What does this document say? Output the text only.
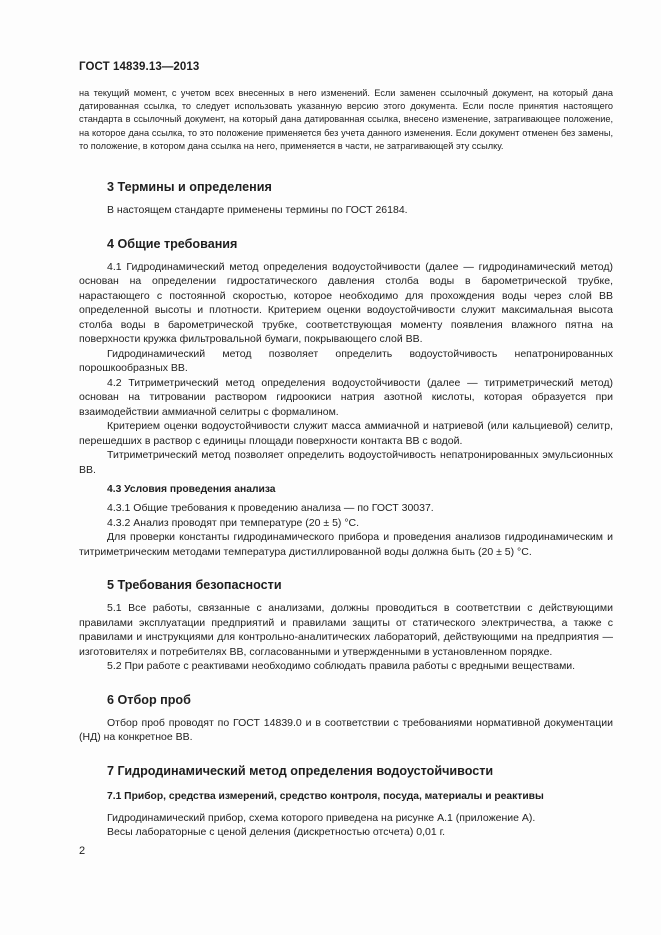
ГОСТ 14839.13—2013

на текущий момент, с учетом всех внесенных в него изменений. Если заменен ссылочный документ, на который дана датированная ссылка, то следует использовать указанную версию этого документа. Если после принятия настоящего стандарта в ссылочный документ, на который дана датированная ссылка, внесено изменение, затрагивающее положение, на которое дана ссылка, то это положение применяется без учета данного изменения. Если документ отменен без замены, то положение, в котором дана ссылка на него, применяется в части, не затрагивающей эту ссылку.

3 Термины и определения

В настоящем стандарте применены термины по ГОСТ 26184.

4 Общие требования

4.1 Гидродинамический метод определения водоустойчивости (далее — гидродинамический метод) основан на определении гидростатического давления столба воды в барометрической трубке, нарастающего с постоянной скоростью, которое необходимо для прохождения воды через слой ВВ определенной высоты и плотности. Критерием оценки водоустойчивости служит максимальная высота столба воды в барометрической трубке, соответствующая моменту появления влажного пятна на поверхности кружка фильтровальной бумаги, покрывающего слой ВВ.

Гидродинамический метод позволяет определить водоустойчивость непатронированных порошкообразных ВВ.

4.2 Титриметрический метод определения водоустойчивости (далее — титриметрический метод) основан на титровании раствором гидроокиси натрия азотной кислоты, которая образуется при взаимодействии аммиачной селитры с формалином.

Критерием оценки водоустойчивости служит масса аммиачной и натриевой (или кальциевой) селитр, перешедших в раствор с единицы площади поверхности контакта ВВ с водой.

Титриметрический метод позволяет определить водоустойчивость непатронированных эмульсионных ВВ.

4.3 Условия проведения анализа

4.3.1 Общие требования к проведению анализа — по ГОСТ 30037.

4.3.2 Анализ проводят при температуре (20 ± 5) °С.

Для проверки константы гидродинамического прибора и проведения анализов гидродинамическим и титриметрическим методами температура дистиллированной воды должна быть (20 ± 5) °С.

5 Требования безопасности

5.1 Все работы, связанные с анализами, должны проводиться в соответствии с действующими правилами эксплуатации предприятий и правилами защиты от статического электричества, а также с правилами и инструкциями для контрольно-аналитических лабораторий, действующими на предприятия — изготовителях и потребителях ВВ, согласованными и утвержденными в установленном порядке.

5.2 При работе с реактивами необходимо соблюдать правила работы с вредными веществами.

6 Отбор проб

Отбор проб проводят по ГОСТ 14839.0 и в соответствии с требованиями нормативной документации (НД) на конкретное ВВ.

7 Гидродинамический метод определения водоустойчивости
7.1 Прибор, средства измерений, средство контроля, посуда, материалы и реактивы

Гидродинамический прибор, схема которого приведена на рисунке А.1 (приложение А).

Весы лабораторные с ценой деления (дискретностью отсчета) 0,01 г.

2
